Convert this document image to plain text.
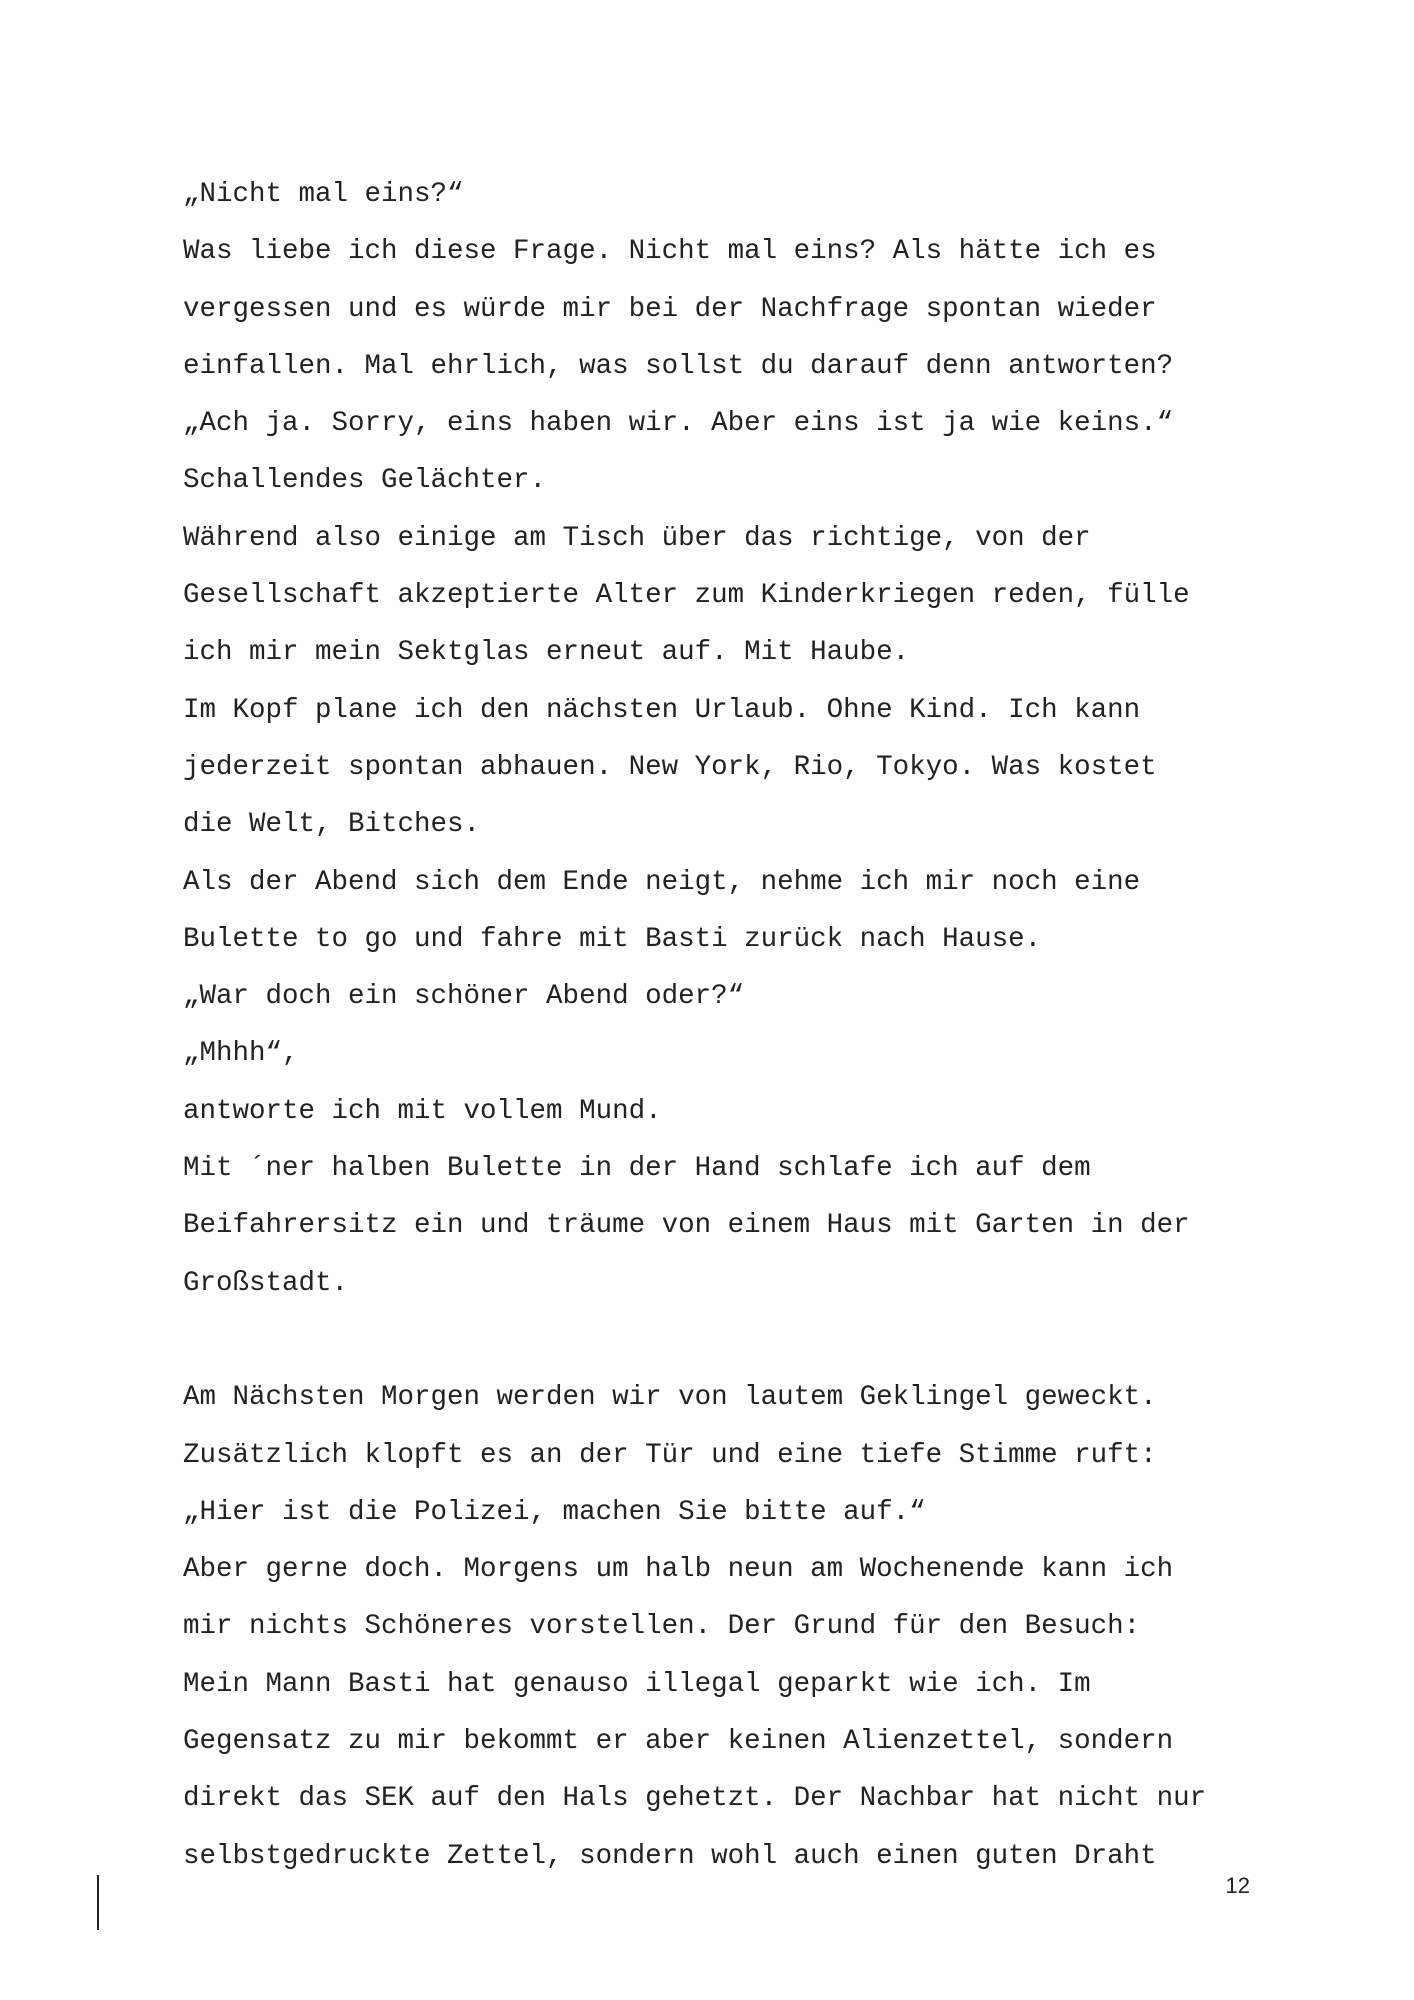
„Nicht mal eins?“

Was liebe ich diese Frage. Nicht mal eins? Als hätte ich es

vergessen und es würde mir bei der Nachfrage spontan wieder

einfallen. Mal ehrlich, was sollst du darauf denn antworten?

„Ach ja. Sorry, eins haben wir. Aber eins ist ja wie keins.“

Schallendes Gelächter.

Während also einige am Tisch über das richtige, von der

Gesellschaft akzeptierte Alter zum Kinderkriegen reden, fülle

ich mir mein Sektglas erneut auf. Mit Haube.

Im Kopf plane ich den nächsten Urlaub. Ohne Kind. Ich kann

jederzeit spontan abhauen. New York, Rio, Tokyo. Was kostet

die Welt, Bitches.

Als der Abend sich dem Ende neigt, nehme ich mir noch eine

Bulette to go und fahre mit Basti zurück nach Hause.

„War doch ein schöner Abend oder?“

„Mhhh“,

antworte ich mit vollem Mund.

Mit ´ner halben Bulette in der Hand schlafe ich auf dem

Beifahrersitz ein und träume von einem Haus mit Garten in der

Großstadt.

Am Nächsten Morgen werden wir von lautem Geklingel geweckt.

Zusätzlich klopft es an der Tür und eine tiefe Stimme ruft:

„Hier ist die Polizei, machen Sie bitte auf.“

Aber gerne doch. Morgens um halb neun am Wochenende kann ich

mir nichts Schöneres vorstellen. Der Grund für den Besuch:

Mein Mann Basti hat genauso illegal geparkt wie ich. Im

Gegensatz zu mir bekommt er aber keinen Alienzettel, sondern

direkt das SEK auf den Hals gehetzt. Der Nachbar hat nicht nur

selbstgedruckte Zettel, sondern wohl auch einen guten Draht

12
